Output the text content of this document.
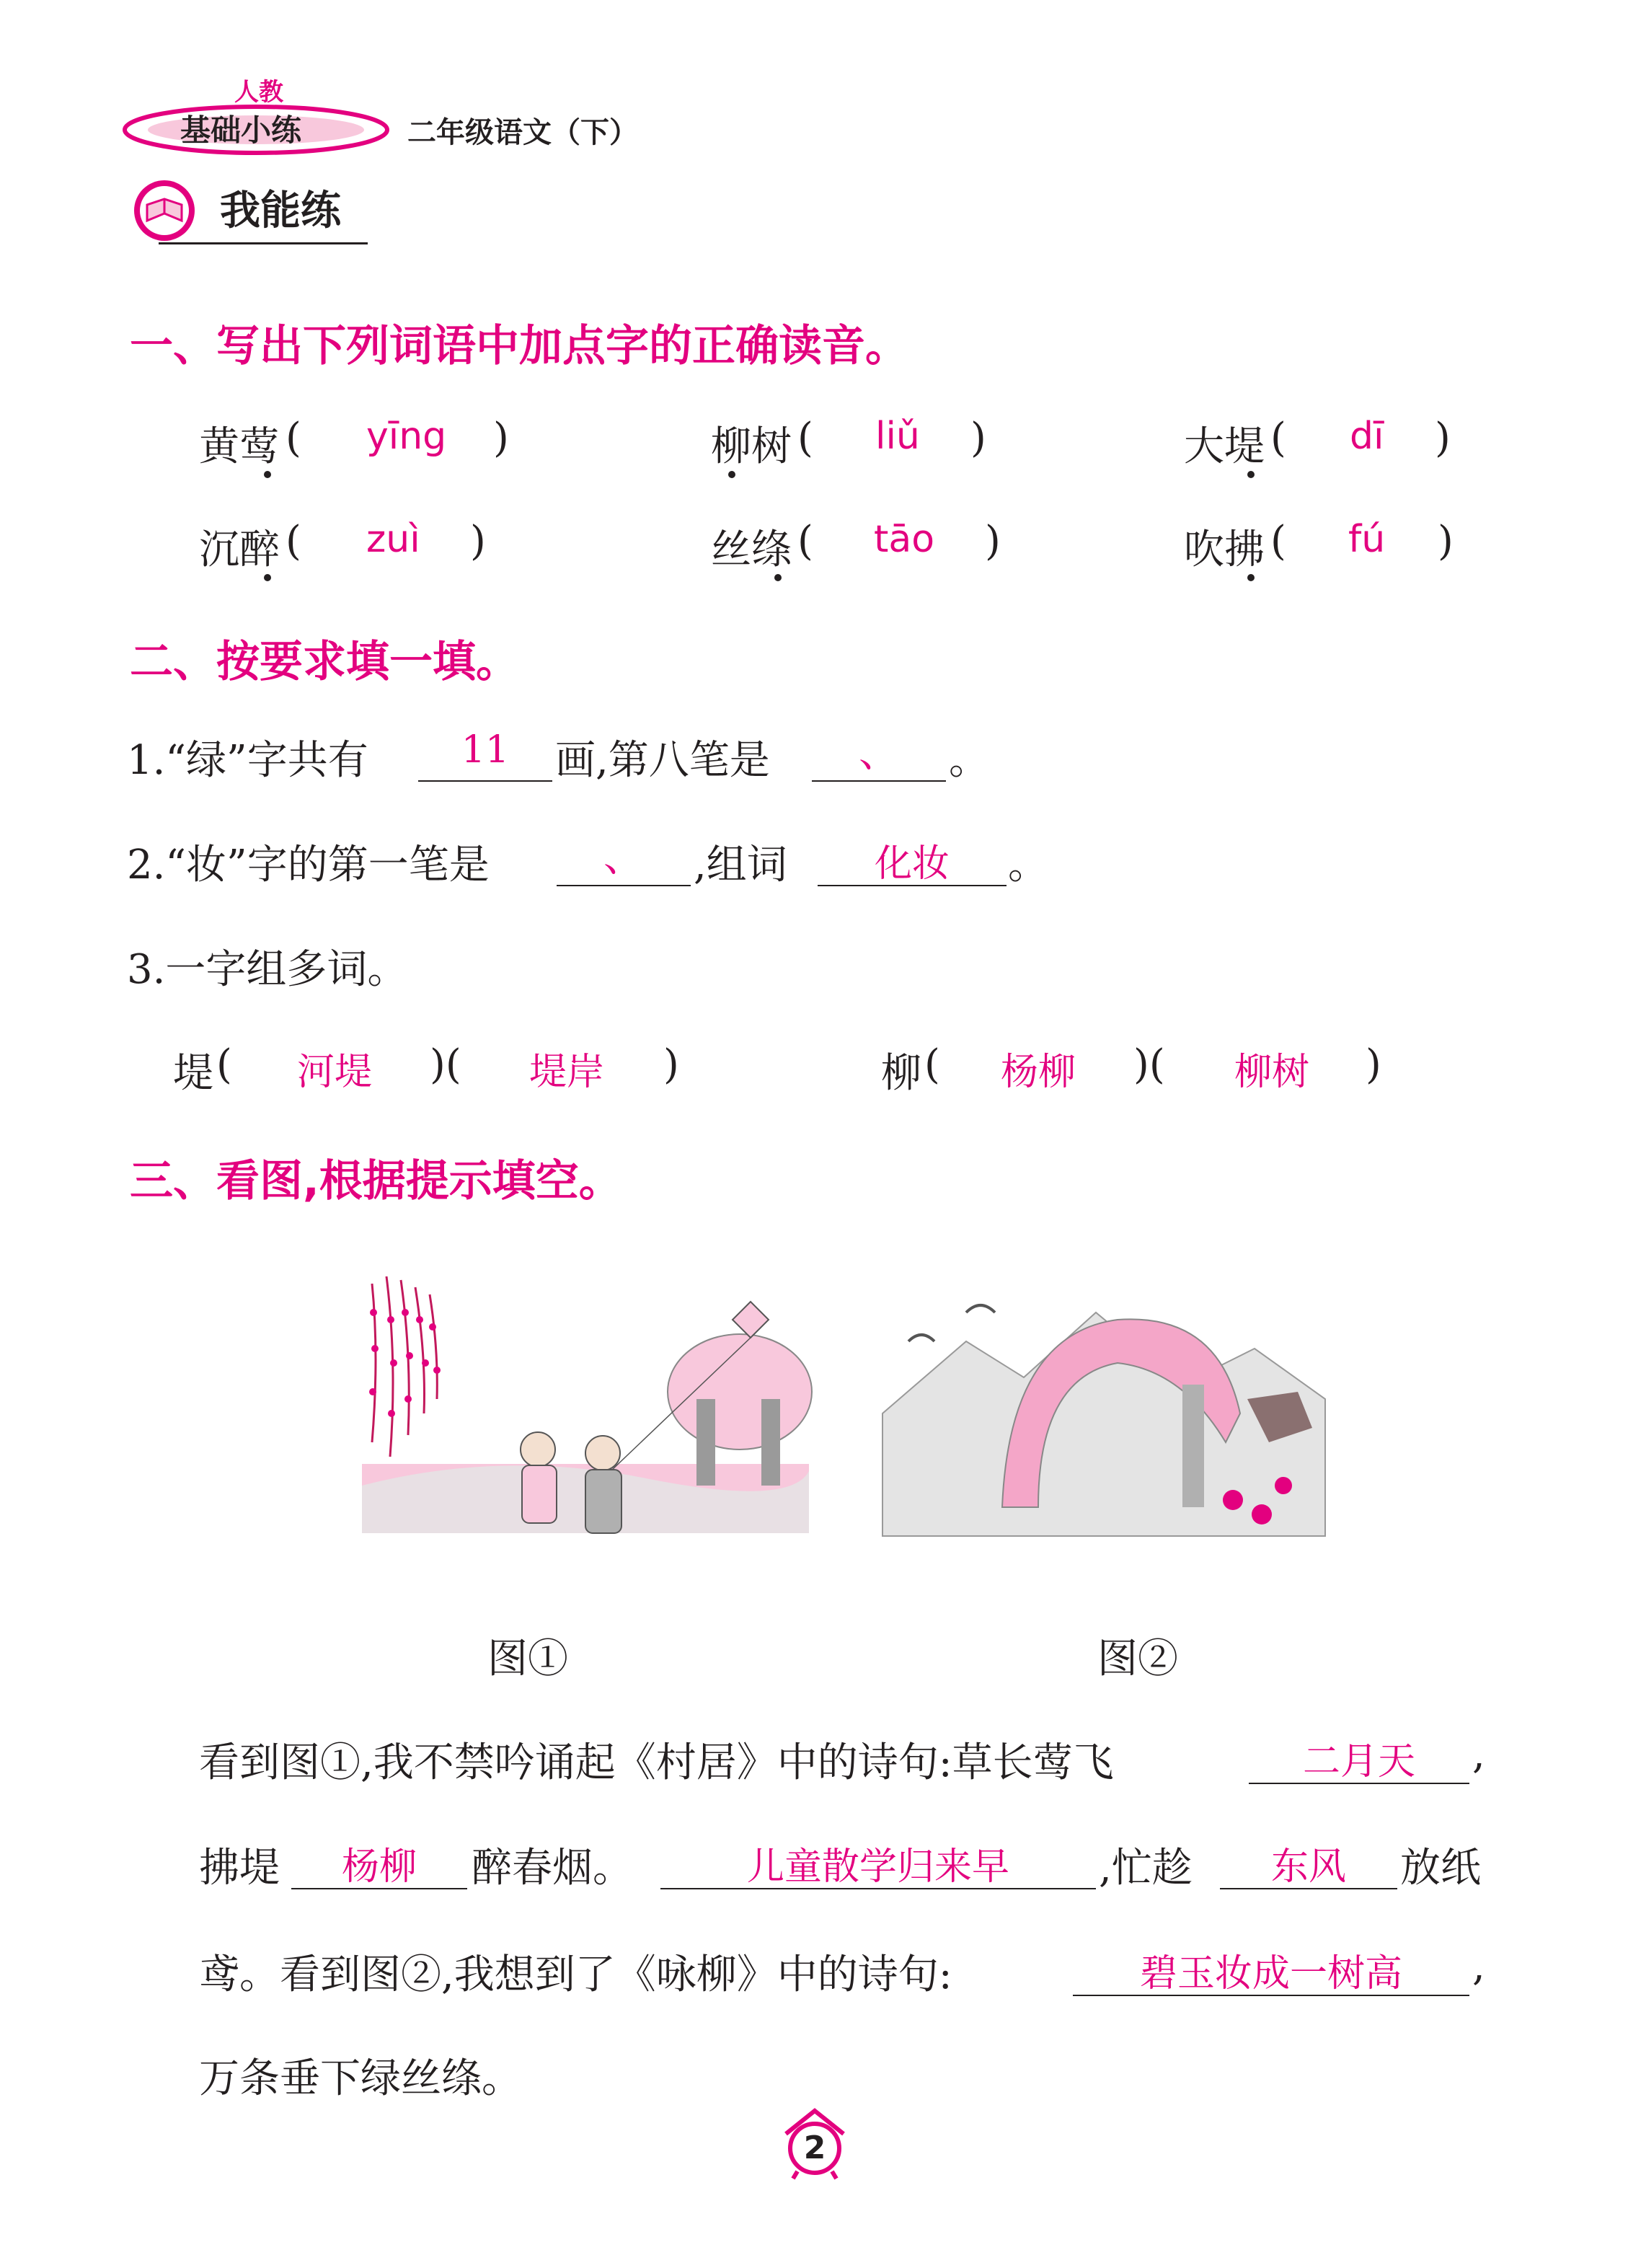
人教
基础小练	二年级语文（下）
我能练
一、写出下列词语中加点字的正确读音。
黄莺 ( yīng )	柳树 ( liǔ )	大堤 ( dī )
沉醉 ( zuì )	丝绦 ( tāo )	吹拂 ( fú )
二、按要求填一填。
1.“绿”字共有	11	画,第八笔是	、	。
2.“妆”字的第一笔是	、	,组词	化妆	。
3.一字组多词。
堤 ( 河堤 )( 堤岸 )	柳 ( 杨柳 )( 柳树 )
三、看图,根据提示填空。
图①	图②
看到图①,我不禁吟诵起《村居》中的诗句:草长莺飞	二月天	,
拂堤	杨柳	醉春烟。	儿童散学归来早	,忙趁	东风	放纸
鸢。看到图②,我想到了《咏柳》中的诗句:	碧玉妆成一树高	,
万条垂下绿丝绦。
2
